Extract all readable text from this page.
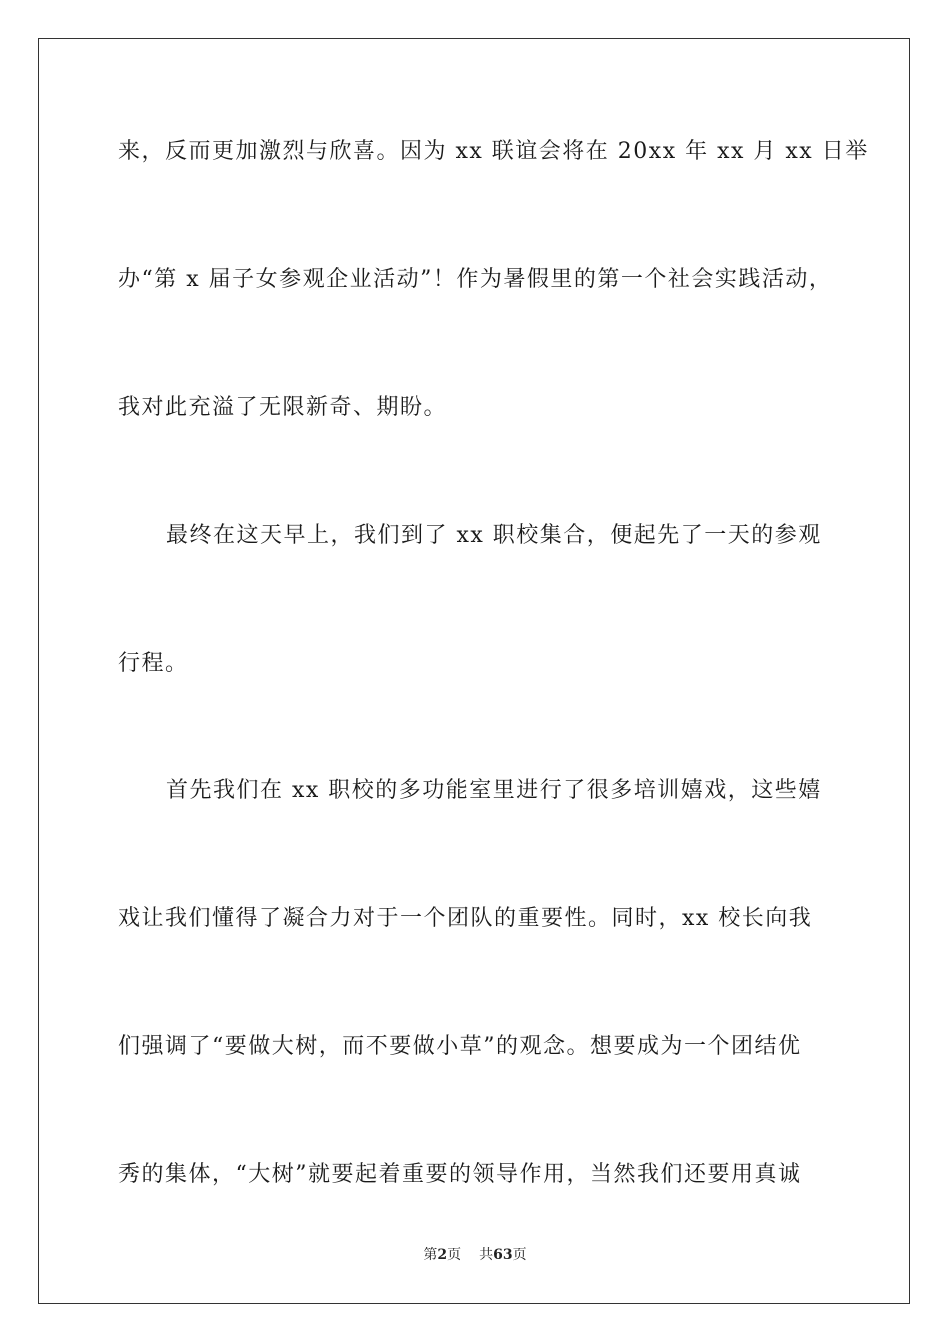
来，反而更加激烈与欣喜。因为 xx 联谊会将在 20xx 年 xx 月 xx 日举
办“第 x 届子女参观企业活动”！作为暑假里的第一个社会实践活动，
我对此充溢了无限新奇、期盼。
最终在这天早上，我们到了 xx 职校集合，便起先了一天的参观
行程。
首先我们在 xx 职校的多功能室里进行了很多培训嬉戏，这些嬉
戏让我们懂得了凝合力对于一个团队的重要性。同时，xx 校长向我
们强调了“要做大树，而不要做小草”的观念。想要成为一个团结优
秀的集体，“大树”就要起着重要的领导作用，当然我们还要用真诚
第2页 共63页
